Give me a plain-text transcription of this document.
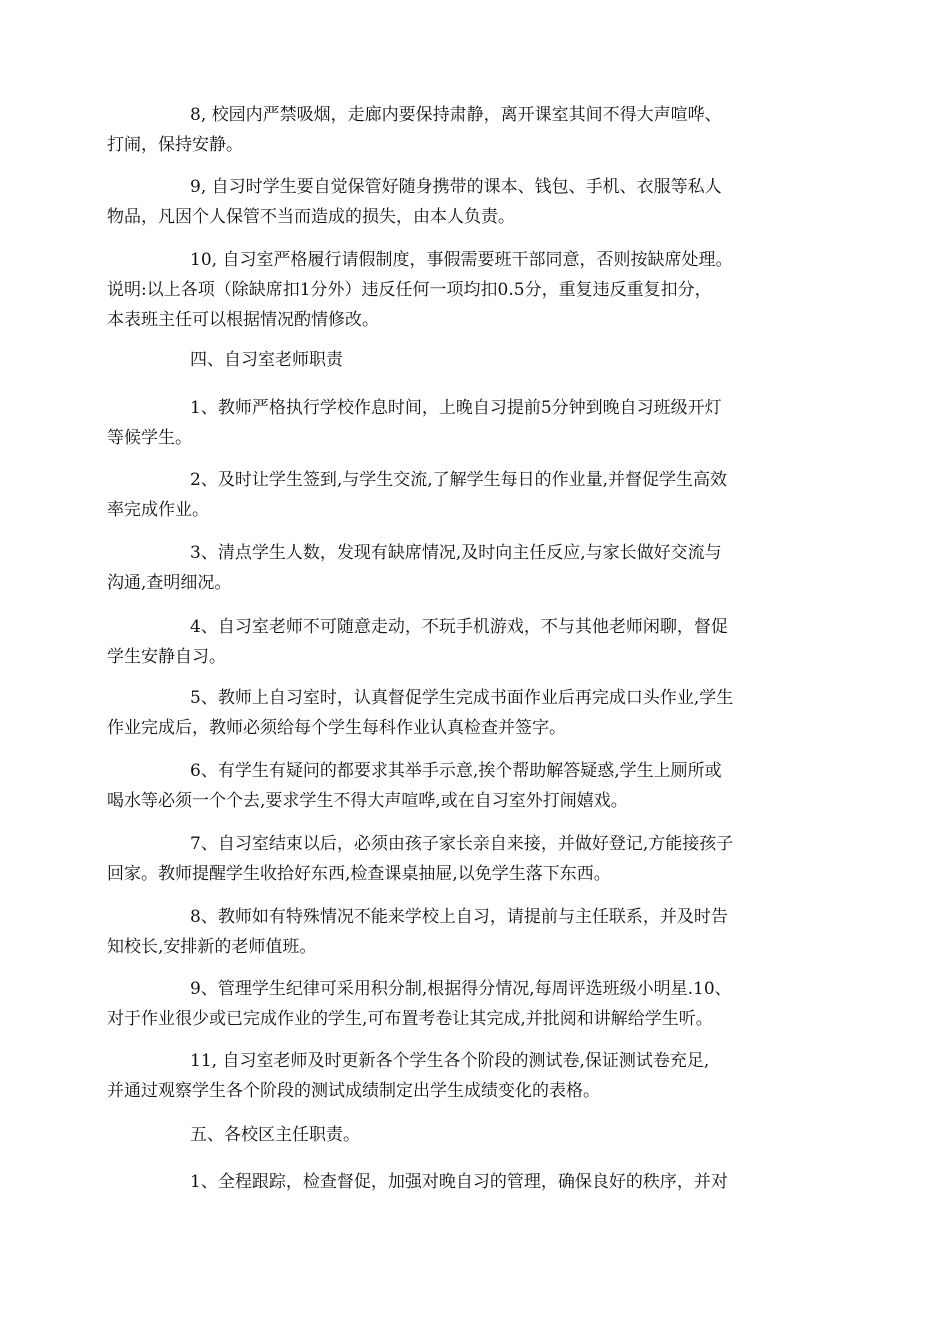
8, 校园内严禁吸烟，走廊内要保持肃静，离开课室其间不得大声喧哗、
打闹，保持安静。
9, 自习时学生要自觉保管好随身携带的课本、钱包、手机、衣服等私人
物品，凡因个人保管不当而造成的损失，由本人负责。
10, 自习室严格履行请假制度，事假需要班干部同意，否则按缺席处理。
说明:以上各项（除缺席扣1分外）违反任何一项均扣0.5分，重复违反重复扣分，
本表班主任可以根据情况酌情修改。
四、自习室老师职责
1、教师严格执行学校作息时间，上晚自习提前5分钟到晚自习班级开灯
等候学生。
2、及时让学生签到,与学生交流,了解学生每日的作业量,并督促学生高效
率完成作业。
3、清点学生人数，发现有缺席情况,及时向主任反应,与家长做好交流与
沟通,查明细况。
4、自习室老师不可随意走动，不玩手机游戏，不与其他老师闲聊，督促
学生安静自习。
5、教师上自习室时，认真督促学生完成书面作业后再完成口头作业,学生
作业完成后，教师必须给每个学生每科作业认真检查并签字。
6、有学生有疑问的都要求其举手示意,挨个帮助解答疑惑,学生上厕所或
喝水等必须一个个去,要求学生不得大声喧哗,或在自习室外打闹嬉戏。
7、自习室结束以后，必须由孩子家长亲自来接，并做好登记,方能接孩子
回家。教师提醒学生收拾好东西,检查课桌抽屉,以免学生落下东西。
8、教师如有特殊情况不能来学校上自习，请提前与主任联系，并及时告
知校长,安排新的老师值班。
9、管理学生纪律可采用积分制,根据得分情况,每周评选班级小明星.10、
对于作业很少或已完成作业的学生,可布置考卷让其完成,并批阅和讲解给学生听。
11, 自习室老师及时更新各个学生各个阶段的测试卷,保证测试卷充足,
并通过观察学生各个阶段的测试成绩制定出学生成绩变化的表格。
五、各校区主任职责。
1、全程跟踪，检查督促，加强对晚自习的管理，确保良好的秩序，并对
